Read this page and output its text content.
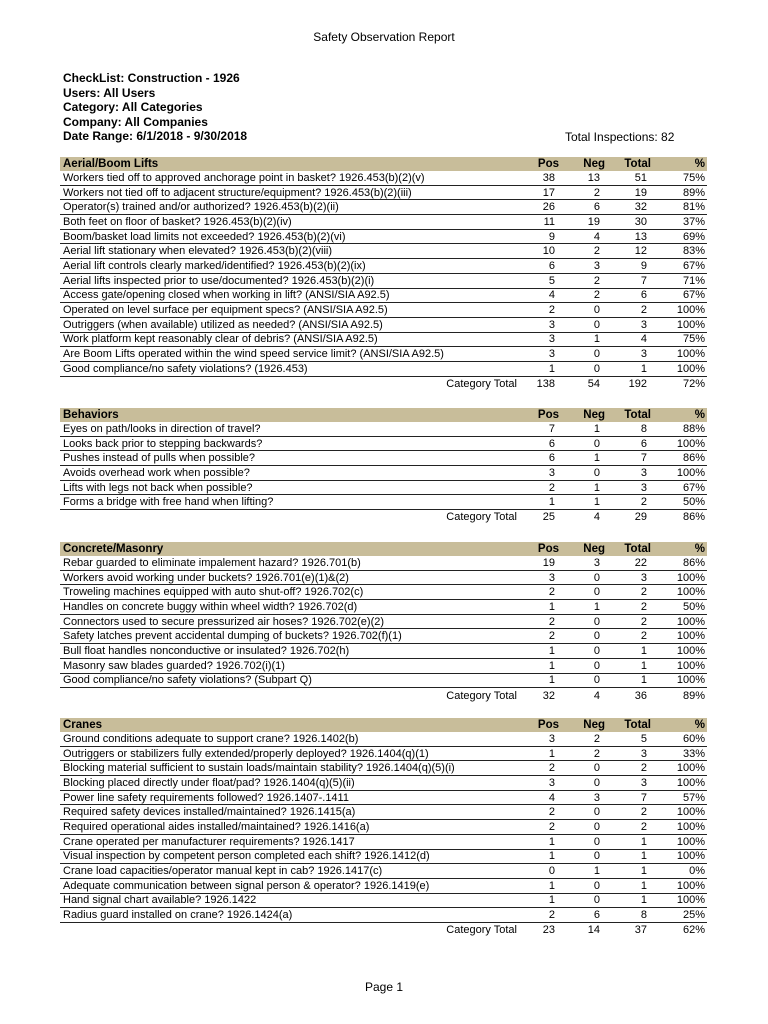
Safety Observation Report
CheckList: Construction - 1926
Users: All Users
Category: All Categories
Company: All Companies
Date Range: 6/1/2018 - 9/30/2018	Total Inspections: 82
Aerial/Boom Lifts	Pos	Neg	Total	%
Workers tied off to approved anchorage point in basket? 1926.453(b)(2)(v)	38	13	51	75%
Workers not tied off to adjacent structure/equipment? 1926.453(b)(2)(iii)	17	2	19	89%
Operator(s) trained and/or authorized? 1926.453(b)(2)(ii)	26	6	32	81%
Both feet on floor of basket? 1926.453(b)(2)(iv)	11	19	30	37%
Boom/basket load limits not exceeded? 1926.453(b)(2)(vi)	9	4	13	69%
Aerial lift stationary when elevated? 1926.453(b)(2)(viii)	10	2	12	83%
Aerial lift controls clearly marked/identified? 1926.453(b)(2)(ix)	6	3	9	67%
Aerial lifts inspected prior to use/documented? 1926.453(b)(2)(i)	5	2	7	71%
Access gate/opening closed when working in lift? (ANSI/SIA A92.5)	4	2	6	67%
Operated on level surface per equipment specs? (ANSI/SIA A92.5)	2	0	2	100%
Outriggers (when available) utilized as needed? (ANSI/SIA A92.5)	3	0	3	100%
Work platform kept reasonably clear of debris? (ANSI/SIA A92.5)	3	1	4	75%
Are Boom Lifts operated within the wind speed service limit? (ANSI/SIA A92.5)	3	0	3	100%
Good compliance/no safety violations? (1926.453)	1	0	1	100%
Category Total	138	54	192	72%
Behaviors	Pos	Neg	Total	%
Eyes on path/looks in direction of travel?	7	1	8	88%
Looks back prior to stepping backwards?	6	0	6	100%
Pushes instead of pulls when possible?	6	1	7	86%
Avoids overhead work when possible?	3	0	3	100%
Lifts with legs not back when possible?	2	1	3	67%
Forms a bridge with free hand when lifting?	1	1	2	50%
Category Total	25	4	29	86%
Concrete/Masonry	Pos	Neg	Total	%
Rebar guarded to eliminate impalement hazard? 1926.701(b)	19	3	22	86%
Workers avoid working under buckets? 1926.701(e)(1)&(2)	3	0	3	100%
Troweling machines equipped with auto shut-off? 1926.702(c)	2	0	2	100%
Handles on concrete buggy within wheel width? 1926.702(d)	1	1	2	50%
Connectors used to secure pressurized air hoses? 1926.702(e)(2)	2	0	2	100%
Safety latches prevent accidental dumping of buckets? 1926.702(f)(1)	2	0	2	100%
Bull float handles nonconductive or insulated? 1926.702(h)	1	0	1	100%
Masonry saw blades guarded? 1926.702(i)(1)	1	0	1	100%
Good compliance/no safety violations? (Subpart Q)	1	0	1	100%
Category Total	32	4	36	89%
Cranes	Pos	Neg	Total	%
Ground conditions adequate to support crane? 1926.1402(b)	3	2	5	60%
Outriggers or stabilizers fully extended/properly deployed? 1926.1404(q)(1)	1	2	3	33%
Blocking material sufficient to sustain loads/maintain stability? 1926.1404(q)(5)(i)	2	0	2	100%
Blocking placed directly under float/pad? 1926.1404(q)(5)(ii)	3	0	3	100%
Power line safety requirements followed? 1926.1407-.1411	4	3	7	57%
Required safety devices installed/maintained? 1926.1415(a)	2	0	2	100%
Required operational aides installed/maintained? 1926.1416(a)	2	0	2	100%
Crane operated per manufacturer requirements? 1926.1417	1	0	1	100%
Visual inspection by competent person completed each shift? 1926.1412(d)	1	0	1	100%
Crane load capacities/operator manual kept in cab? 1926.1417(c)	0	1	1	0%
Adequate communication between signal person & operator? 1926.1419(e)	1	0	1	100%
Hand signal chart available? 1926.1422	1	0	1	100%
Radius guard installed on crane? 1926.1424(a)	2	6	8	25%
Category Total	23	14	37	62%
Page 1
